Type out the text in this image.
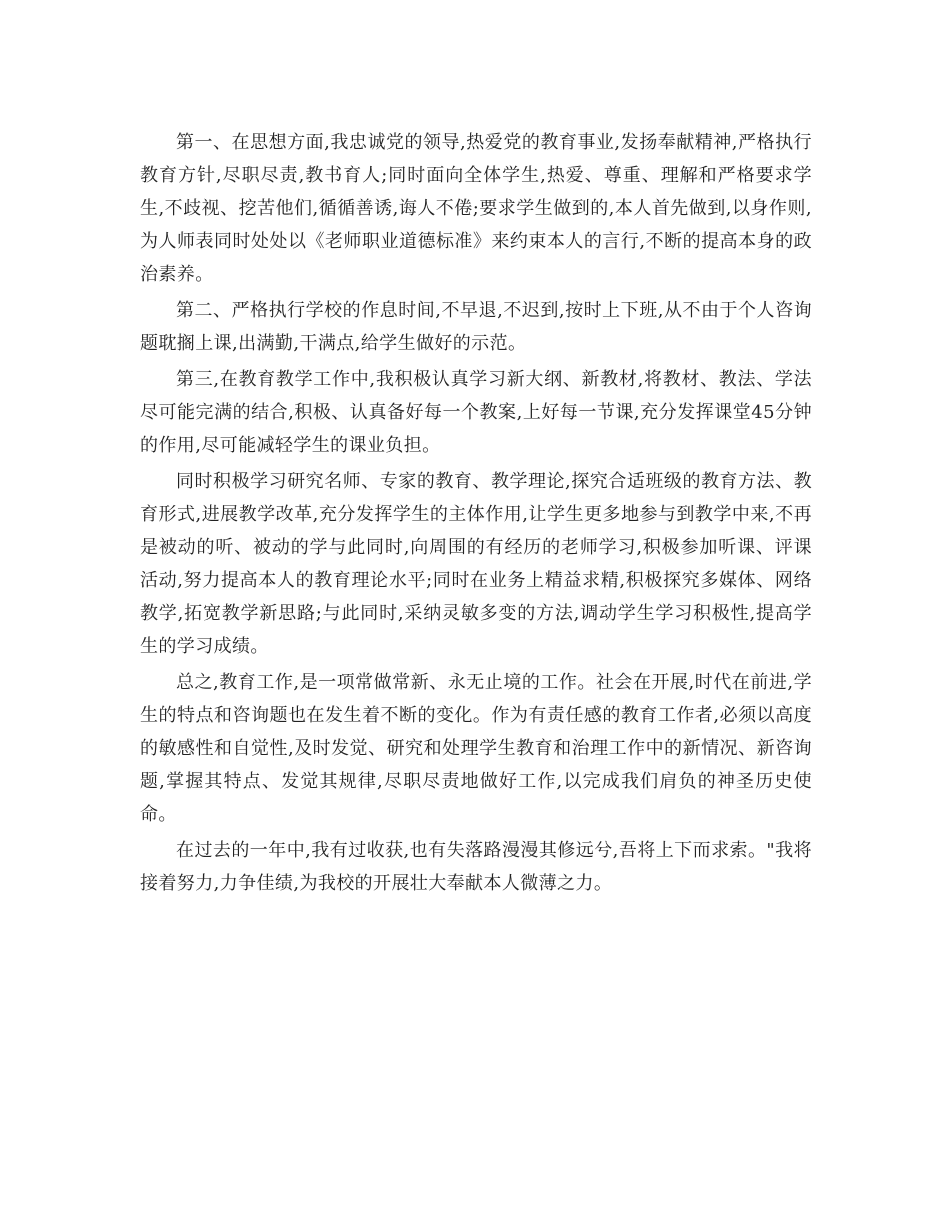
第一、在思想方面,我忠诚党的领导,热爱党的教育事业,发扬奉献精神,严格执行教育方针,尽职尽责,教书育人;同时面向全体学生,热爱、尊重、理解和严格要求学生,不歧视、挖苦他们,循循善诱,诲人不倦;要求学生做到的,本人首先做到,以身作则,为人师表同时处处以《老师职业道德标准》来约束本人的言行,不断的提高本身的政治素养。

第二、严格执行学校的作息时间,不早退,不迟到,按时上下班,从不由于个人咨询题耽搁上课,出满勤,干满点,给学生做好的示范。

第三,在教育教学工作中,我积极认真学习新大纲、新教材,将教材、教法、学法尽可能完满的结合,积极、认真备好每一个教案,上好每一节课,充分发挥课堂45分钟的作用,尽可能减轻学生的课业负担。

同时积极学习研究名师、专家的教育、教学理论,探究合适班级的教育方法、教育形式,进展教学改革,充分发挥学生的主体作用,让学生更多地参与到教学中来,不再是被动的听、被动的学与此同时,向周围的有经历的老师学习,积极参加听课、评课活动,努力提高本人的教育理论水平;同时在业务上精益求精,积极探究多媒体、网络教学,拓宽教学新思路;与此同时,采纳灵敏多变的方法,调动学生学习积极性,提高学生的学习成绩。

总之,教育工作,是一项常做常新、永无止境的工作。社会在开展,时代在前进,学生的特点和咨询题也在发生着不断的变化。作为有责任感的教育工作者,必须以高度的敏感性和自觉性,及时发觉、研究和处理学生教育和治理工作中的新情况、新咨询题,掌握其特点、发觉其规律,尽职尽责地做好工作,以完成我们肩负的神圣历史使命。

在过去的一年中,我有过收获,也有失落路漫漫其修远兮,吾将上下而求索。"我将接着努力,力争佳绩,为我校的开展壮大奉献本人微薄之力。
